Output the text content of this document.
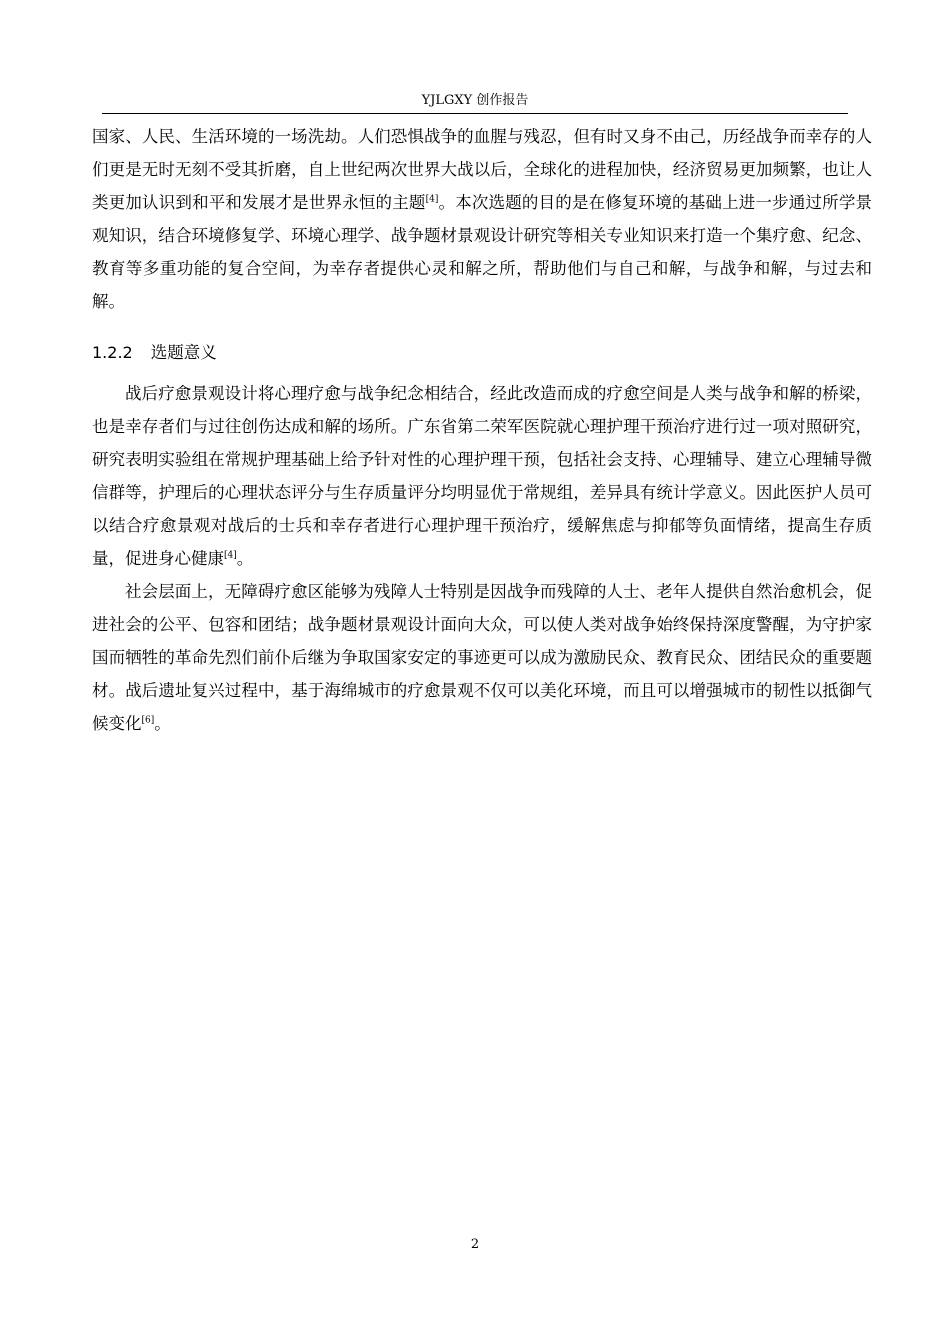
YJLGXY 创作报告

国家、人民、生活环境的一场洗劫。人们恐惧战争的血腥与残忍，但有时又身不由己，历经战争而幸存的人们更是无时无刻不受其折磨，自上世纪两次世界大战以后，全球化的进程加快，经济贸易更加频繁，也让人类更加认识到和平和发展才是世界永恒的主题[4]。本次选题的目的是在修复环境的基础上进一步通过所学景观知识，结合环境修复学、环境心理学、战争题材景观设计研究等相关专业知识来打造一个集疗愈、纪念、教育等多重功能的复合空间，为幸存者提供心灵和解之所，帮助他们与自己和解，与战争和解，与过去和解。

1.2.2 选题意义

战后疗愈景观设计将心理疗愈与战争纪念相结合，经此改造而成的疗愈空间是人类与战争和解的桥梁，也是幸存者们与过往创伤达成和解的场所。广东省第二荣军医院就心理护理干预治疗进行过一项对照研究，研究表明实验组在常规护理基础上给予针对性的心理护理干预，包括社会支持、心理辅导、建立心理辅导微信群等，护理后的心理状态评分与生存质量评分均明显优于常规组，差异具有统计学意义。因此医护人员可以结合疗愈景观对战后的士兵和幸存者进行心理护理干预治疗，缓解焦虑与抑郁等负面情绪，提高生存质量，促进身心健康[4]。

社会层面上，无障碍疗愈区能够为残障人士特别是因战争而残障的人士、老年人提供自然治愈机会，促进社会的公平、包容和团结；战争题材景观设计面向大众，可以使人类对战争始终保持深度警醒，为守护家国而牺牲的革命先烈们前仆后继为争取国家安定的事迹更可以成为激励民众、教育民众、团结民众的重要题材。战后遗址复兴过程中，基于海绵城市的疗愈景观不仅可以美化环境，而且可以增强城市的韧性以抵御气候变化[6]。

2
